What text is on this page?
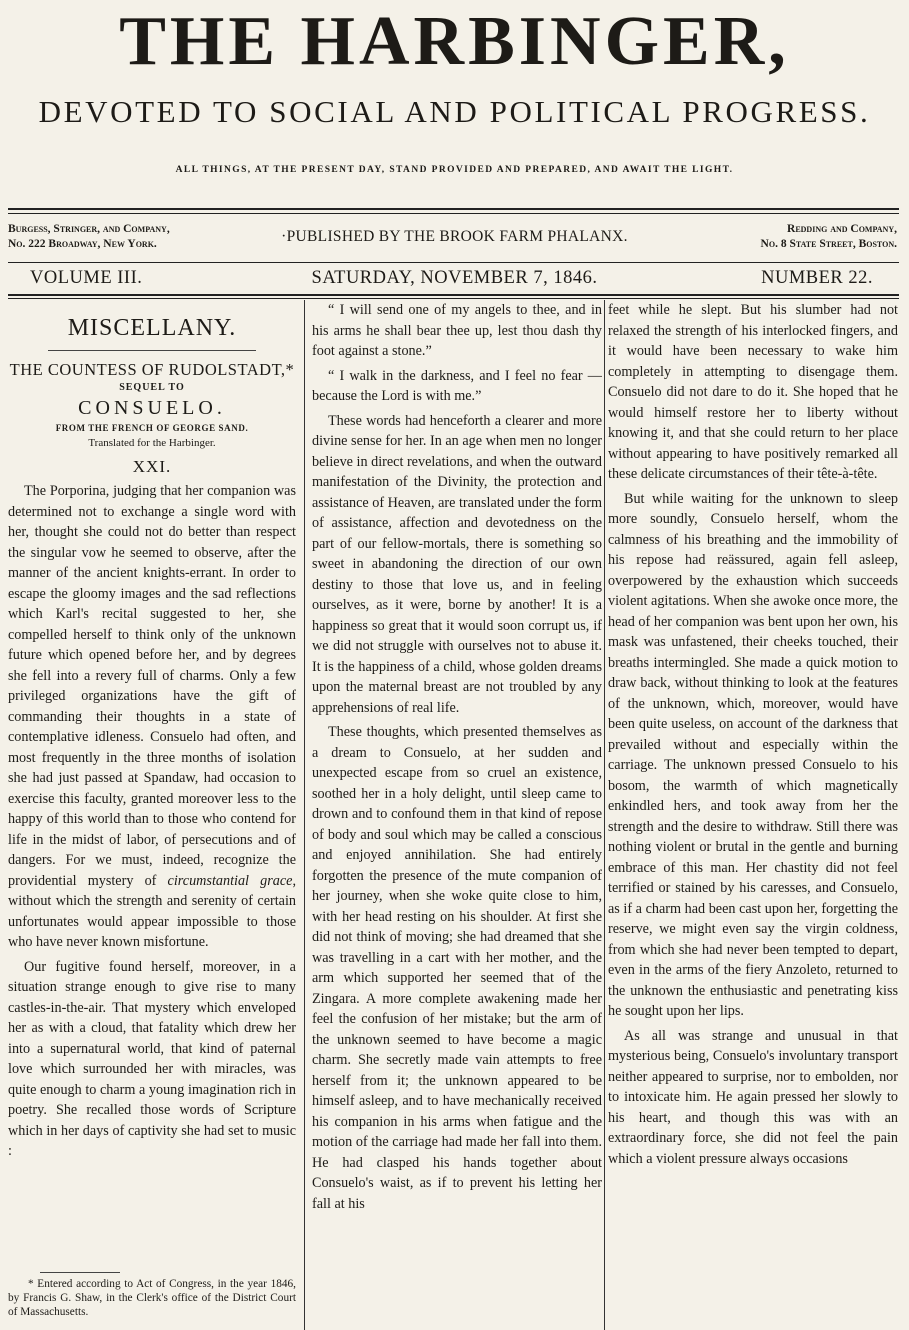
THE HARBINGER,
DEVOTED TO SOCIAL AND POLITICAL PROGRESS.
ALL THINGS, AT THE PRESENT DAY, STAND PROVIDED AND PREPARED, AND AWAIT THE LIGHT.
Burgess, Stringer, and Company,
No. 222 Broadway, New York.	·PUBLISHED BY THE BROOK FARM PHALANX.	Redding and Company,
No. 8 State Street, Boston.
VOLUME III.	SATURDAY, NOVEMBER 7, 1846.	NUMBER 22.
MISCELLANY.
THE COUNTESS OF RUDOLSTADT,*
SEQUEL TO
CONSUELO.
FROM THE FRENCH OF GEORGE SAND.
Translated for the Harbinger.
XXI.

The Porporina, judging that her companion was determined not to exchange a single word with her, thought she could not do better than respect the singular vow he seemed to observe, after the manner of the ancient knights-errant. In order to escape the gloomy images and the sad reflections which Karl's recital suggested to her, she compelled herself to think only of the unknown future which opened before her, and by degrees she fell into a revery full of charms. Only a few privileged organizations have the gift of commanding their thoughts in a state of contemplative idleness. Consuelo had often, and most frequently in the three months of isolation she had just passed at Spandaw, had occasion to exercise this faculty, granted moreover less to the happy of this world than to those who contend for life in the midst of labor, of persecutions and of dangers. For we must, indeed, recognize the providential mystery of circumstantial grace, without which the strength and serenity of certain unfortunates would appear impossible to those who have never known misfortune.

Our fugitive found herself, moreover, in a situation strange enough to give rise to many castles-in-the-air. That mystery which enveloped her as with a cloud, that fatality which drew her into a supernatural world, that kind of paternal love which surrounded her with miracles, was quite enough to charm a young imagination rich in poetry. She recalled those words of Scripture which in her days of captivity she had set to music :

* Entered according to Act of Congress, in the year 1846, by Francis G. Shaw, in the Clerk's office of the District Court of Massachusetts.

“ I will send one of my angels to thee, and in his arms he shall bear thee up, lest thou dash thy foot against a stone.”

“ I walk in the darkness, and I feel no fear — because the Lord is with me.”

These words had henceforth a clearer and more divine sense for her. In an age when men no longer believe in direct revelations, and when the outward manifestation of the Divinity, the protection and assistance of Heaven, are translated under the form of assistance, affection and devotedness on the part of our fellow-mortals, there is something so sweet in abandoning the direction of our own destiny to those that love us, and in feeling ourselves, as it were, borne by another! It is a happiness so great that it would soon corrupt us, if we did not struggle with ourselves not to abuse it. It is the happiness of a child, whose golden dreams upon the maternal breast are not troubled by any apprehensions of real life.

These thoughts, which presented themselves as a dream to Consuelo, at her sudden and unexpected escape from so cruel an existence, soothed her in a holy delight, until sleep came to drown and to confound them in that kind of repose of body and soul which may be called a conscious and enjoyed annihilation. She had entirely forgotten the presence of the mute companion of her journey, when she woke quite close to him, with her head resting on his shoulder. At first she did not think of moving; she had dreamed that she was travelling in a cart with her mother, and the arm which supported her seemed that of the Zingara. A more complete awakening made her feel the confusion of her mistake; but the arm of the unknown seemed to have become a magic charm. She secretly made vain attempts to free herself from it; the unknown appeared to be himself asleep, and to have mechanically received his companion in his arms when fatigue and the motion of the carriage had made her fall into them. He had clasped his hands together about Consuelo's waist, as if to prevent his letting her fall at his

feet while he slept. But his slumber had not relaxed the strength of his interlocked fingers, and it would have been necessary to wake him completely in attempting to disengage them. Consuelo did not dare to do it. She hoped that he would himself restore her to liberty without knowing it, and that she could return to her place without appearing to have positively remarked all these delicate circumstances of their tête-à-tête.

But while waiting for the unknown to sleep more soundly, Consuelo herself, whom the calmness of his breathing and the immobility of his repose had reässured, again fell asleep, overpowered by the exhaustion which succeeds violent agitations. When she awoke once more, the head of her companion was bent upon her own, his mask was unfastened, their cheeks touched, their breaths intermingled. She made a quick motion to draw back, without thinking to look at the features of the unknown, which, moreover, would have been quite useless, on account of the darkness that prevailed without and especially within the carriage. The unknown pressed Consuelo to his bosom, the warmth of which magnetically enkindled hers, and took away from her the strength and the desire to withdraw. Still there was nothing violent or brutal in the gentle and burning embrace of this man. Her chastity did not feel terrified or stained by his caresses, and Consuelo, as if a charm had been cast upon her, forgetting the reserve, we might even say the virgin coldness, from which she had never been tempted to depart, even in the arms of the fiery Anzoleto, returned to the unknown the enthusiastic and penetrating kiss he sought upon her lips.

As all was strange and unusual in that mysterious being, Consuelo's involuntary transport neither appeared to surprise, nor to embolden, nor to intoxicate him. He again pressed her slowly to his heart, and though this was with an extraordinary force, she did not feel the pain which a violent pressure always occasions
